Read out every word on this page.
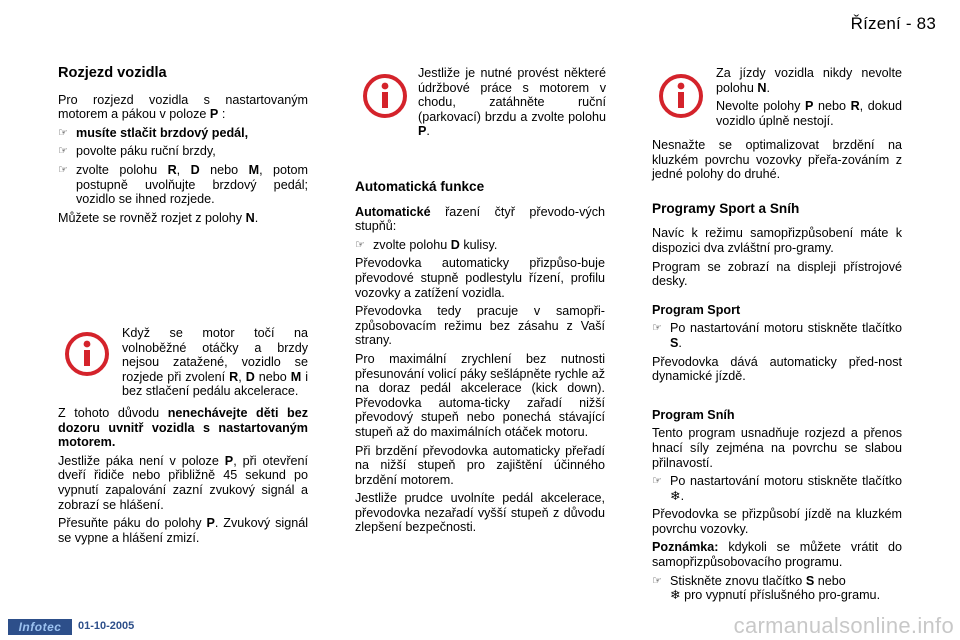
Řízení - 83

Rozjezd vozidla

Pro rozjezd vozidla s nastartovaným motorem a pákou v poloze P :

☞ musíte stlačit brzdový pedál,
☞ povolte páku ruční brzdy,
☞ zvolte polohu R, D nebo M, potom postupně uvolňujte brzdový pedál; vozidlo se ihned rozjede.

Můžete se rovněž rozjet z polohy N.

Když se motor točí na volnoběžné otáčky a brzdy nejsou zatažené, vozidlo se rozjede při zvolení R, D nebo M i bez stlačení pedálu akcelerace.

Z tohoto důvodu nenechávejte děti bez dozoru uvnitř vozidla s nastartovaným motorem.

Jestliže páka není v poloze P, při otevření dveří řidiče nebo přibližně 45 sekund po vypnutí zapalování zazní zvukový signál a zobrazí se hlášení.

Přesuňte páku do polohy P. Zvukový signál se vypne a hlášení zmizí.

Jestliže je nutné provést některé údržbové práce s motorem v chodu, zatáhněte ruční (parkovací) brzdu a zvolte polohu P.

Automatická funkce

Automatické řazení čtyř převodo-vých stupňů:

☞ zvolte polohu D kulisy.

Převodovka automaticky přizpůso-buje převodové stupně podlestylu řízení, profilu vozovky a zatížení vozidla.

Převodovka tedy pracuje v samopři-způsobovacím režimu bez zásahu z Vaší strany.

Pro maximální zrychlení bez nutnosti přesunování volicí páky sešlápněte rychle až na doraz pedál akcelerace (kick down). Převodovka automa-ticky zařadí nižší převodový stupeň nebo ponechá stávající stupeň až do maximálních otáček motoru.

Při brzdění převodovka automaticky přeřadí na nižší stupeň pro zajištění účinného brzdění motorem.

Jestliže prudce uvolníte pedál akcelerace, převodovka nezařadí vyšší stupeň z důvodu zlepšení bezpečnosti.

Za jízdy vozidla nikdy nevolte polohu N.

Nevolte polohy P nebo R, dokud vozidlo úplně nestojí.

Nesnažte se optimalizovat brzdění na kluzkém povrchu vozovky přeřa-zováním z jedné polohy do druhé.

Programy Sport a Sníh

Navíc k režimu samopřizpůsobení máte k dispozici dva zvláštní pro-gramy.

Program se zobrazí na displeji přístrojové desky.

Program Sport

☞ Po nastartování motoru stiskněte tlačítko S.

Převodovka dává automaticky před-nost dynamické jízdě.

Program Sníh

Tento program usnadňuje rozjezd a přenos hnací síly zejména na povrchu se slabou přilnavostí.

☞ Po nastartování motoru stiskněte tlačítko ❄.

Převodovka se přizpůsobí jízdě na kluzkém povrchu vozovky.

Poznámka: kdykoli se můžete vrátit do samopřizpůsobovacího programu.

☞ Stiskněte znovu tlačítko S nebo
❄ pro vypnutí příslušného pro-gramu.
Infotec	01-10-2005	carmanualsonline.info
